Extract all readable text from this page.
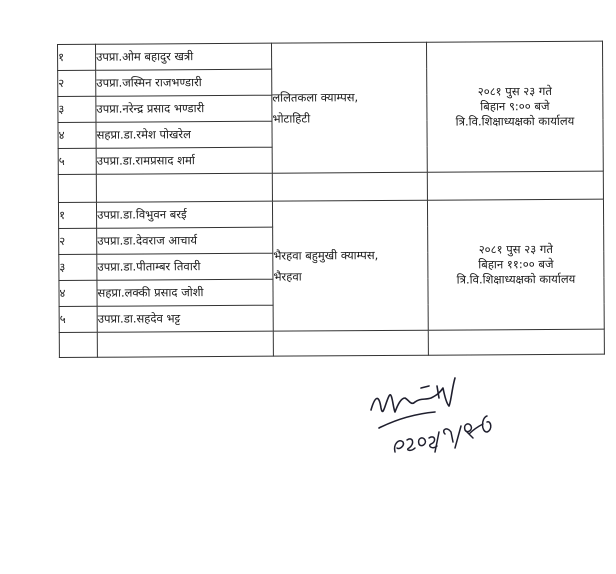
१	उपप्रा.ओम बहादुर खत्री	ललितकला क्याम्पस,
भोटाहिटी	२०८१ पुस २३ गते
बिहान ९:०० बजे
त्रि.वि.शिक्षाध्यक्षको कार्यालय

२	उपप्रा.जस्मिन राजभण्डारी		
३	उपप्रा.नरेन्द्र प्रसाद भण्डारी		
४	सहप्रा.डा.रमेश पोखरेल		
५	उपप्रा.डा.रामप्रसाद शर्मा		

१	उपप्रा.डा.विभुवन बरई	भैरहवा बहुमुखी क्याम्पस,
भैरहवा	२०८१ पुस २३ गते
बिहान ११:०० बजे
त्रि.वि.शिक्षाध्यक्षको कार्यालय

२	उपप्रा.डा.देवराज आचार्य		
३	उपप्रा.डा.पीताम्बर तिवारी		
४	सहप्रा.लक्की प्रसाद जोशी		
५	उपप्रा.डा.सहदेव भट्ट		
